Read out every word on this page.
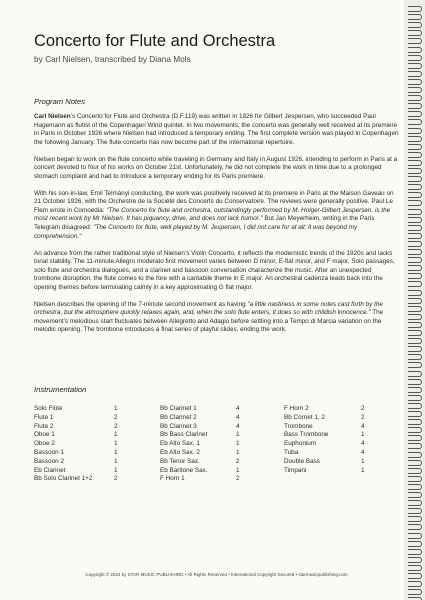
Concerto for Flute and Orchestra
by Carl Nielsen, transcribed by Diana Mols
Program Notes

Carl Nielsen’s Concerto for Flute and Orchestra (D.F.119) was written in 1926 for Gilbert Jespersen, who succeeded Paul Hagemann as flutist of the Copenhagen Wind quintet. In two movements, the concerto was generally well received at its premiere in Paris in October 1926 where Nielsen had introduced a temporary ending. The first complete version was played in Copenhagen the following January. The flute concerto has now become part of the international repertoire.

Nielsen began to work on the flute concerto while traveling in Germany and Italy in August 1926, intending to perform in Paris at a concert devoted to four of his works on October 21st. Unfortunately, he did not complete the work in time due to a prolonged stomach complaint and had to introduce a temporary ending for its Paris premiere.

With his son-in-law, Emil Telmányi conducting, the work was positively received at its premiere in Paris at the Maison Gaveau on 21 October 1926, with the Orchestre de la Société des Concerts du Conservatoire. The reviews were generally positive. Paul Le Flem wrote in Comoedia: "The Concerto for flute and orchestra, outstandingly performed by M. Holger-Gilbert Jespersen, is the most recent work by Mr Nielsen. It has piquancy, drive, and does not lack humor." But Jan Meyerheim, writing in the Paris Telegram disagreed: "The Concerto for flute, well played by M. Jespersen, I did not care for at all; it was beyond my comprehension."

An advance from the rather traditional style of Nielsen’s Violin Concerto, it reflects the modernistic trends of the 1920s and lacks tonal stability. The 11-minute Allegro moderato first movement varies between D minor, E-flat minor, and F major. Solo passages, solo flute and orchestra dialogues, and a clarinet and bassoon conversation characterize the music. After an unexpected trombone disruption, the flute comes to the fore with a cantabile theme in E major. An orchestral cadenza leads back into the opening themes before terminating calmly in a key approximating G flat major.

Nielsen describes the opening of the 7-minute second movement as having "a little nastiness in some notes cast forth by the orchestra, but the atmosphere quickly relaxes again, and, when the solo flute enters, it does so with childish innocence." The movement’s melodious start fluctuates between Allegretto and Adagio before settling into a Tempo di Marcia variation on the melodic opening. The trombone introduces a final series of playful slides, ending the work.

Instrumentation
Solo Flute	1
Flute 1	2
Flute 2	2
Oboe 1	1
Oboe 2	1
Bassoon 1	1
Bassoon 2	1
Eb Clarinet	1
Bb Solo Clarinet 1+2	2
Bb Clarinet 1	4
Bb Clarinet 2	4
Bb Clarinet 3	4
Bb Bass Clarinet	1
Eb Alto Sax. 1	1
Eb Alto Sax. 2	1
Bb Tenor Sax.	2
Eb Baritone Sax.	1
F Horn 1	2
F Horn 2	2
Bb Cornet 1, 2	2
Trombone	4
Bass Trombone	1
Euphonium	4
Tuba	4
Double Bass	1
Timpani	1
Copyright © 2024 by STAR MUSIC PUBLISHING • All Rights Reserved • International Copyright Secured • starmusicpublishing.com
